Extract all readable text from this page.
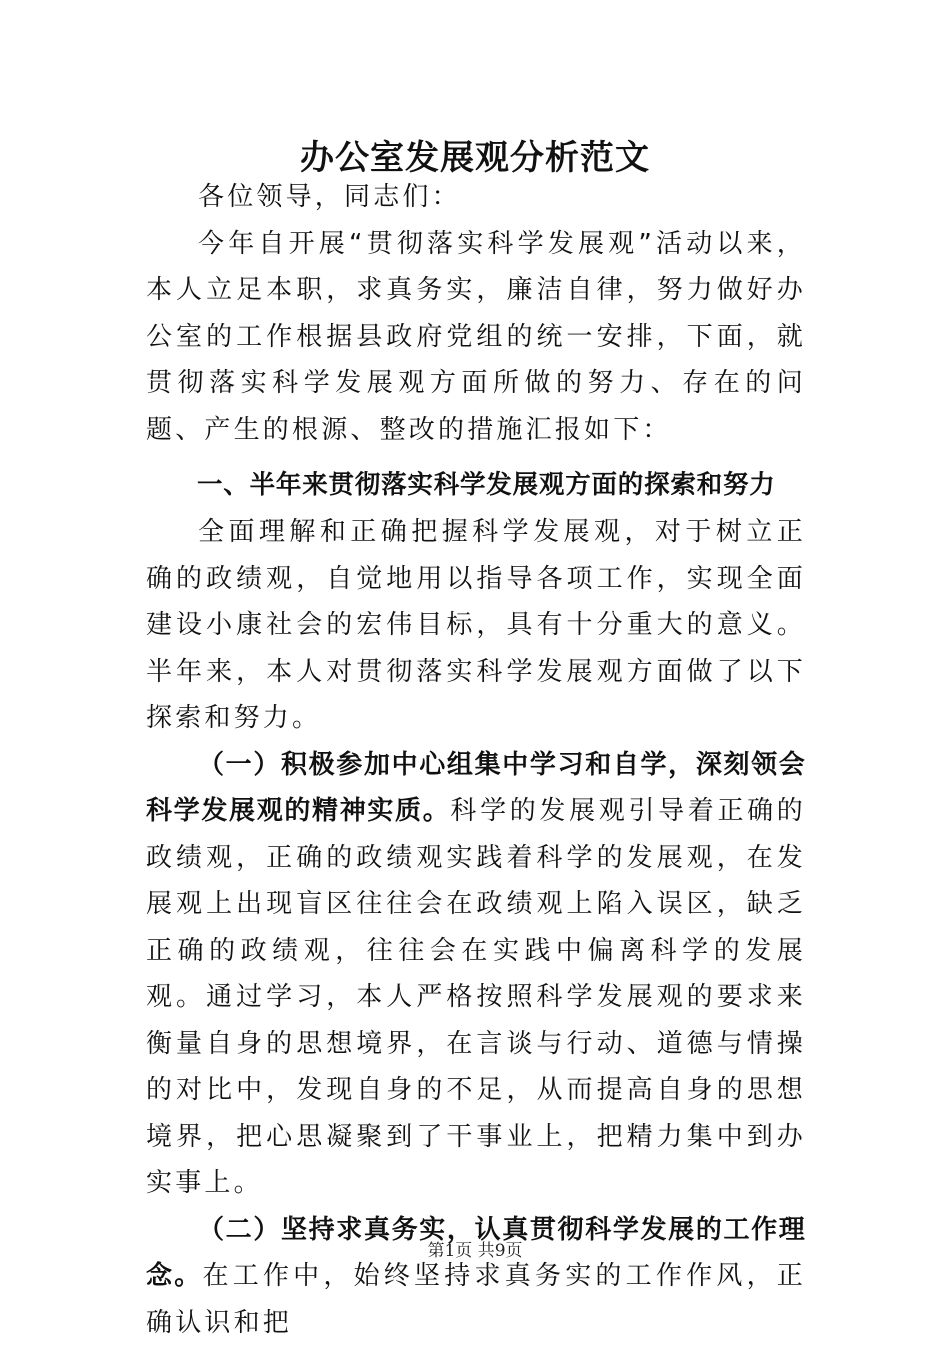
办公室发展观分析范文

各位领导，同志们：

今年自开展“贯彻落实科学发展观”活动以来，本人立足本职，求真务实，廉洁自律，努力做好办公室的工作根据县政府党组的统一安排，下面，就贯彻落实科学发展观方面所做的努力、存在的问题、产生的根源、整改的措施汇报如下：

一、半年来贯彻落实科学发展观方面的探索和努力

全面理解和正确把握科学发展观，对于树立正确的政绩观，自觉地用以指导各项工作，实现全面建设小康社会的宏伟目标，具有十分重大的意义。半年来，本人对贯彻落实科学发展观方面做了以下探索和努力。

（一）积极参加中心组集中学习和自学，深刻领会科学发展观的精神实质。科学的发展观引导着正确的政绩观，正确的政绩观实践着科学的发展观，在发展观上出现盲区往往会在政绩观上陷入误区，缺乏正确的政绩观，往往会在实践中偏离科学的发展观。通过学习，本人严格按照科学发展观的要求来衡量自身的思想境界，在言谈与行动、道德与情操的对比中，发现自身的不足，从而提高自身的思想境界，把心思凝聚到了干事业上，把精力集中到办实事上。

（二）坚持求真务实，认真贯彻科学发展的工作理念。在工作中，始终坚持求真务实的工作作风，正确认识和把

第1页 共9页
